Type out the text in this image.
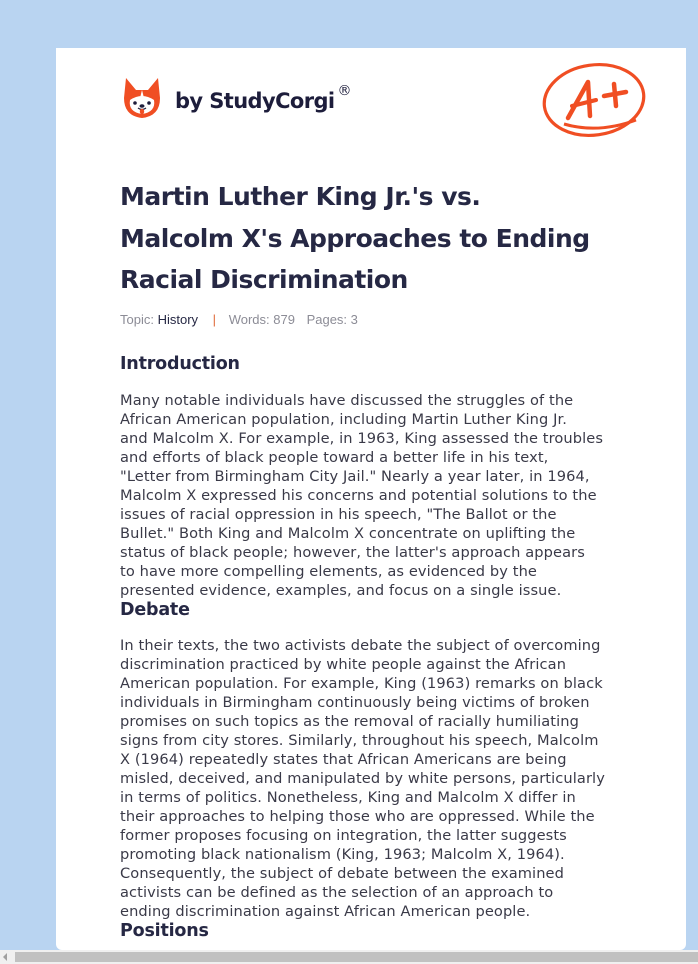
by StudyCorgi ®
Martin Luther King Jr.'s vs.
Malcolm X's Approaches to Ending
Racial Discrimination
Topic: History | Words: 879 Pages: 3
Introduction
Many notable individuals have discussed the struggles of the
African American population, including Martin Luther King Jr.
and Malcolm X. For example, in 1963, King assessed the troubles
and efforts of black people toward a better life in his text,
"Letter from Birmingham City Jail." Nearly a year later, in 1964,
Malcolm X expressed his concerns and potential solutions to the
issues of racial oppression in his speech, "The Ballot or the
Bullet." Both King and Malcolm X concentrate on uplifting the
status of black people; however, the latter's approach appears
to have more compelling elements, as evidenced by the
presented evidence, examples, and focus on a single issue.
Debate
In their texts, the two activists debate the subject of overcoming
discrimination practiced by white people against the African
American population. For example, King (1963) remarks on black
individuals in Birmingham continuously being victims of broken
promises on such topics as the removal of racially humiliating
signs from city stores. Similarly, throughout his speech, Malcolm
X (1964) repeatedly states that African Americans are being
misled, deceived, and manipulated by white persons, particularly
in terms of politics. Nonetheless, King and Malcolm X differ in
their approaches to helping those who are oppressed. While the
former proposes focusing on integration, the latter suggests
promoting black nationalism (King, 1963; Malcolm X, 1964).
Consequently, the subject of debate between the examined
activists can be defined as the selection of an approach to
ending discrimination against African American people.
Positions
